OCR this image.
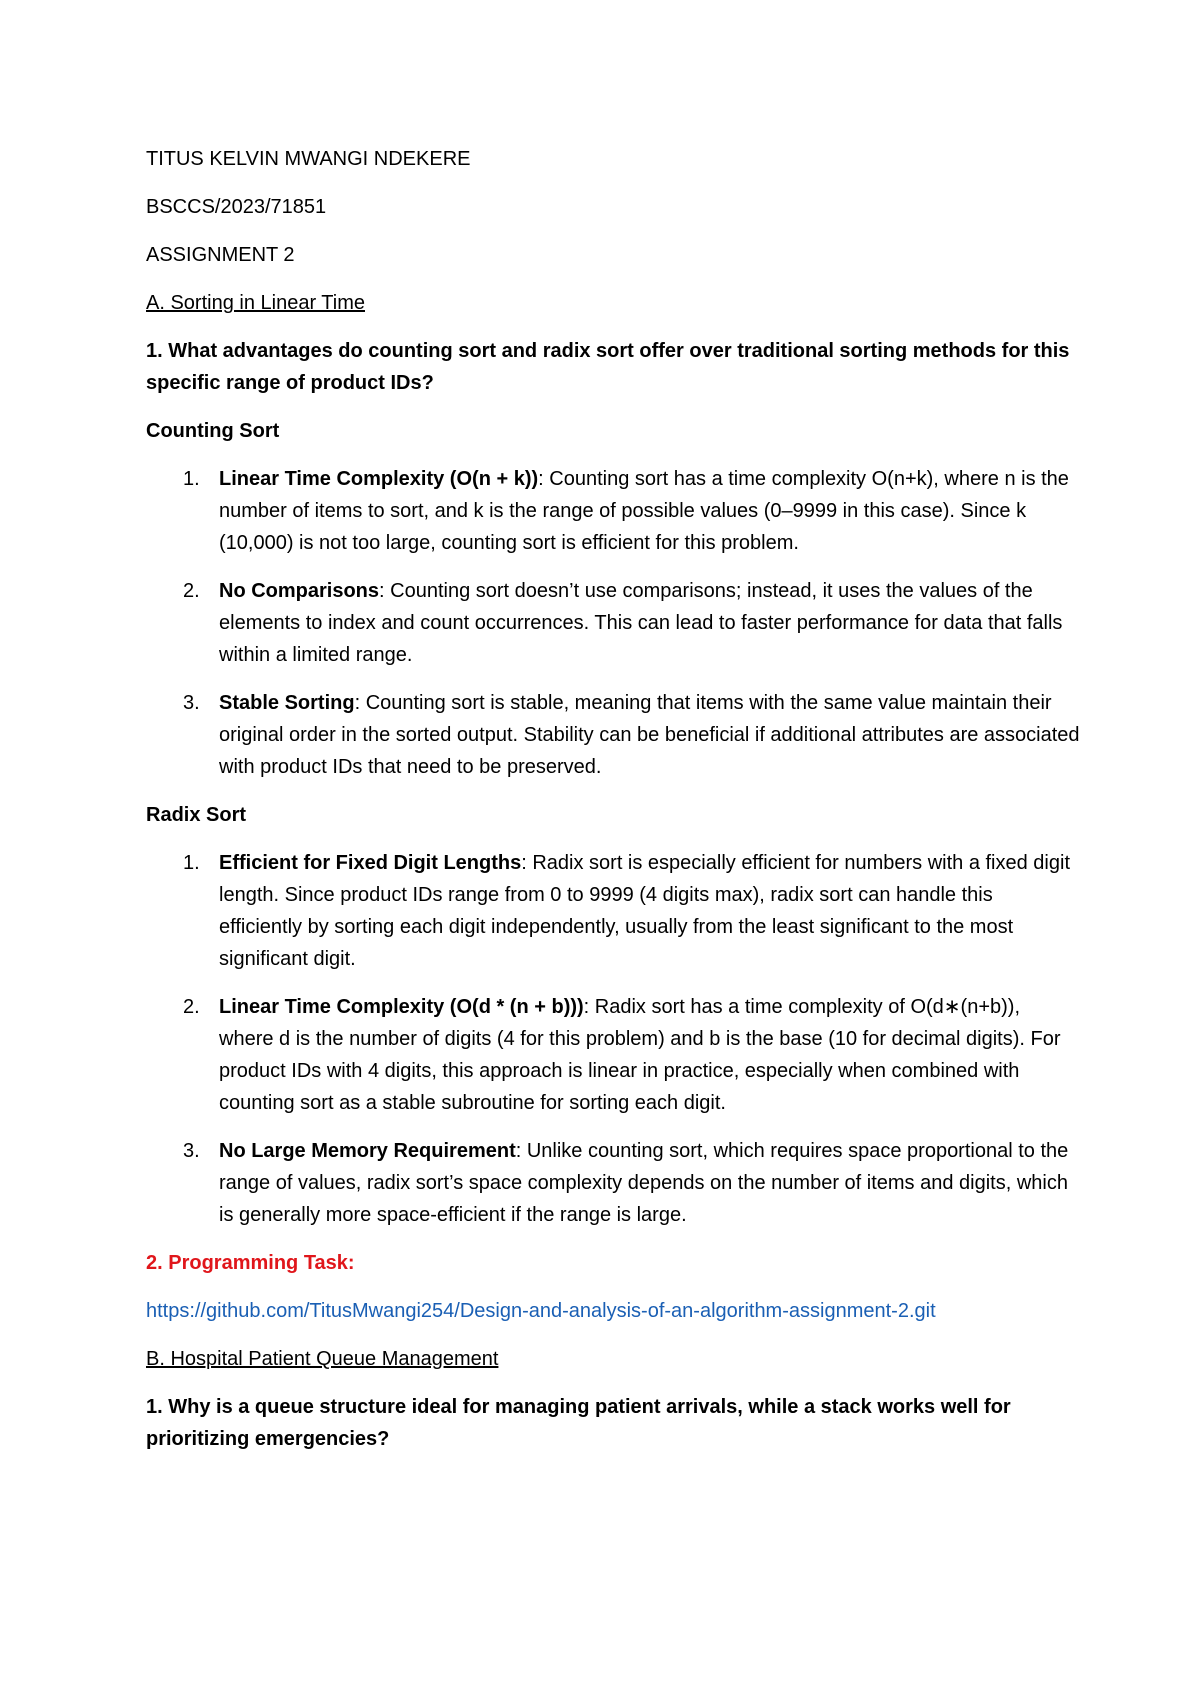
TITUS KELVIN MWANGI NDEKERE

BSCCS/2023/71851

ASSIGNMENT 2

A. Sorting in Linear Time

1. What advantages do counting sort and radix sort offer over traditional sorting methods for this specific range of product IDs?

Counting Sort

1. Linear Time Complexity (O(n + k)): Counting sort has a time complexity O(n+k), where n is the number of items to sort, and k is the range of possible values (0–9999 in this case). Since k (10,000) is not too large, counting sort is efficient for this problem.
2. No Comparisons: Counting sort doesn’t use comparisons; instead, it uses the values of the elements to index and count occurrences. This can lead to faster performance for data that falls within a limited range.
3. Stable Sorting: Counting sort is stable, meaning that items with the same value maintain their original order in the sorted output. Stability can be beneficial if additional attributes are associated with product IDs that need to be preserved.

Radix Sort

1. Efficient for Fixed Digit Lengths: Radix sort is especially efficient for numbers with a fixed digit length. Since product IDs range from 0 to 9999 (4 digits max), radix sort can handle this efficiently by sorting each digit independently, usually from the least significant to the most significant digit.
2. Linear Time Complexity (O(d * (n + b))): Radix sort has a time complexity of O(d∗(n+b)), where d is the number of digits (4 for this problem) and b is the base (10 for decimal digits). For product IDs with 4 digits, this approach is linear in practice, especially when combined with counting sort as a stable subroutine for sorting each digit.
3. No Large Memory Requirement: Unlike counting sort, which requires space proportional to the range of values, radix sort’s space complexity depends on the number of items and digits, which is generally more space-efficient if the range is large.

2. Programming Task:

https://github.com/TitusMwangi254/Design-and-analysis-of-an-algorithm-assignment-2.git

B. Hospital Patient Queue Management

1. Why is a queue structure ideal for managing patient arrivals, while a stack works well for prioritizing emergencies?
